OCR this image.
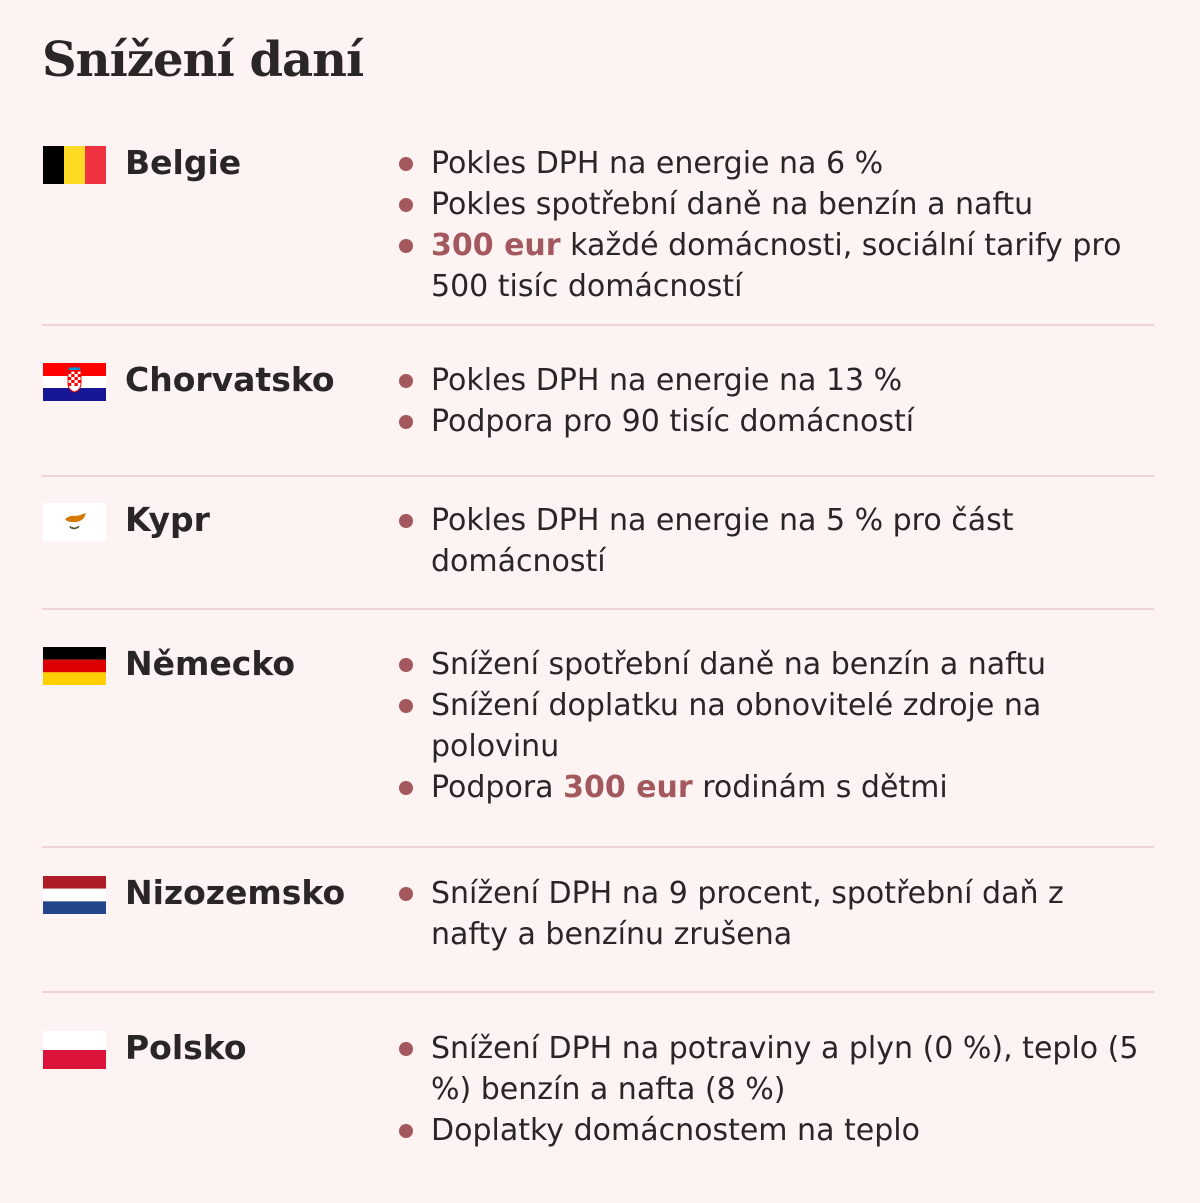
Snížení daní
Belgie	Pokles DPH na energie na 6 %
Pokles spotřební daně na benzín a naftu
300 eur každé domácnosti, sociální tarify pro 500 tisíc domácností
Chorvatsko	Pokles DPH na energie na 13 %
Podpora pro 90 tisíc domácností
Kypr	Pokles DPH na energie na 5 % pro část domácností
Německo	Snížení spotřební daně na benzín a naftu
Snížení doplatku na obnovitelé zdroje na polovinu
Podpora 300 eur rodinám s dětmi
Nizozemsko	Snížení DPH na 9 procent, spotřební daň z nafty a benzínu zrušena
Polsko	Snížení DPH na potraviny a plyn (0 %), teplo (5 %) benzín a nafta (8 %)
Doplatky domácnostem na teplo
